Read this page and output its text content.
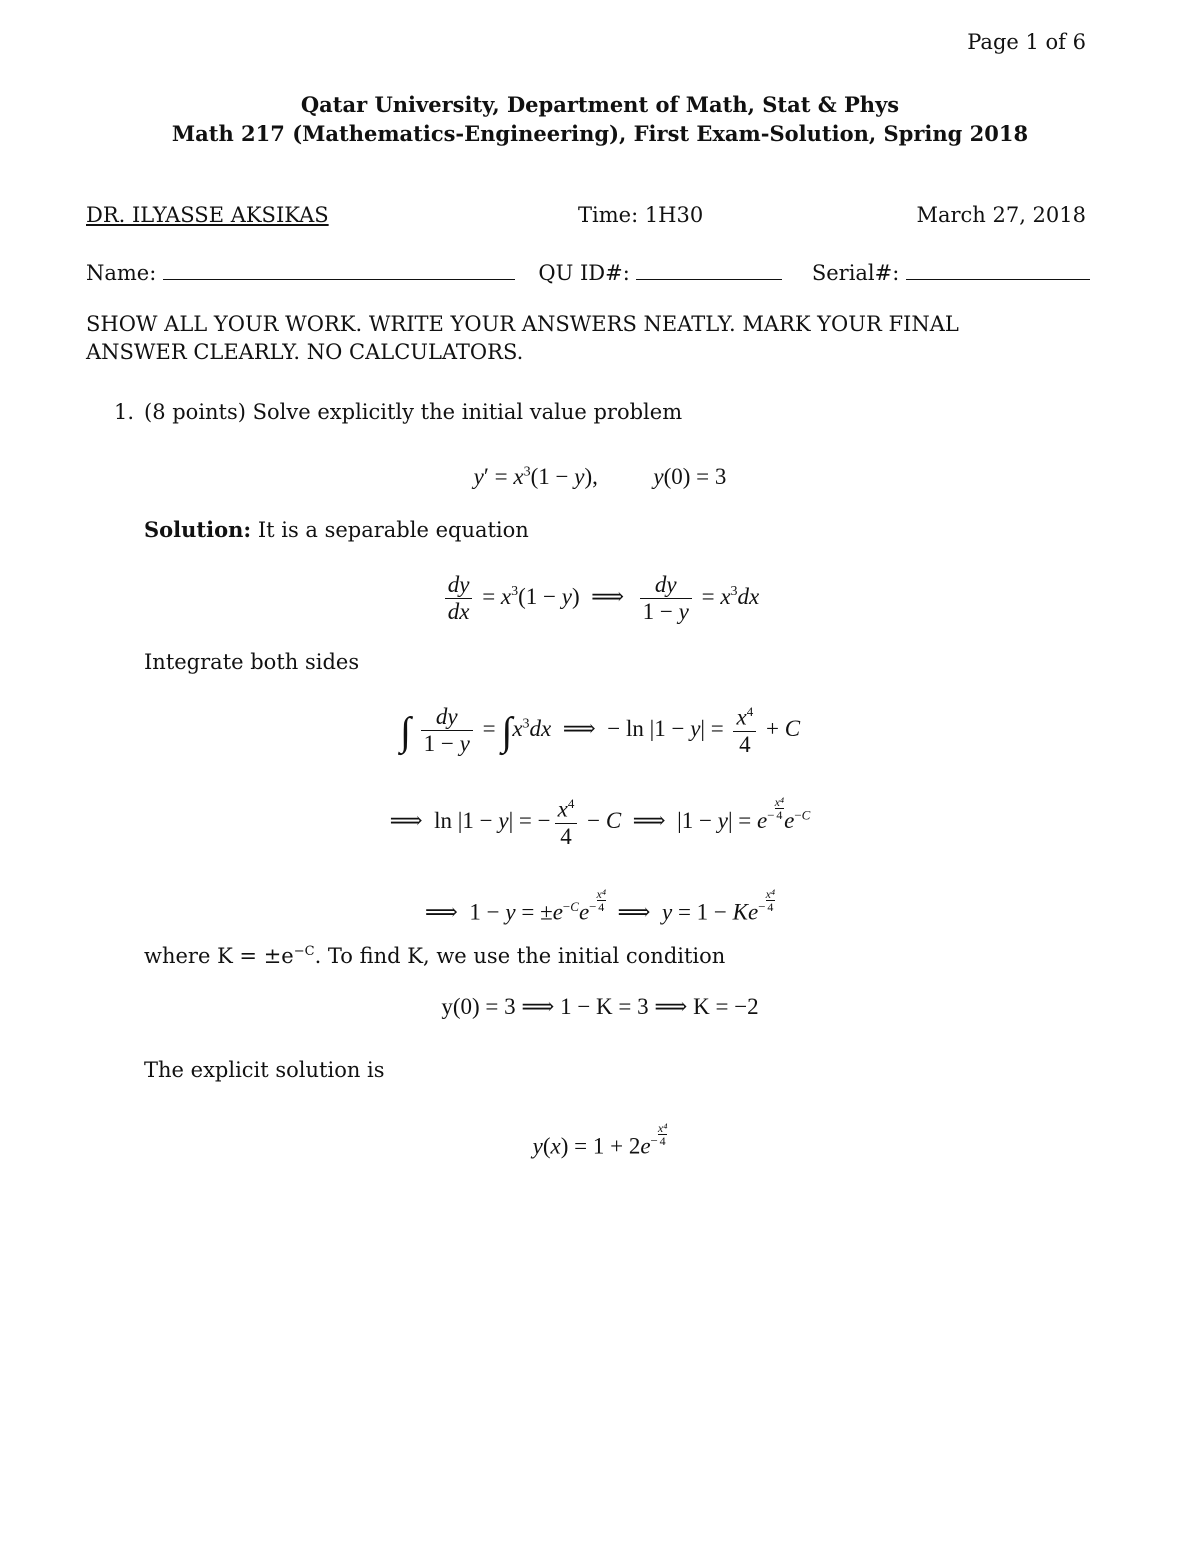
Page 1 of 6
Qatar University, Department of Math, Stat & Phys
Math 217 (Mathematics-Engineering), First Exam-Solution, Spring 2018
DR. ILYASSE AKSIKAS	Time: 1H30	March 27, 2018
Name:	QU ID#:	Serial#:
SHOW ALL YOUR WORK. WRITE YOUR ANSWERS NEATLY. MARK YOUR FINAL
ANSWER CLEARLY. NO CALCULATORS.
1. (8 points) Solve explicitly the initial value problem
$y' = x^3(1 - y)$,  y(0) = 3
Solution: It is a separable equation
$\frac{dy}{dx} = x^3(1 - y)$  ⟹ $\frac{dy}{1 - y} = x^3dx$
Integrate both sides
∫ $\frac{dy}{1 - y} = \int x^3dx$  ⟹  − $\ln |1 - y| = \frac{x^4}{4} + C$
⟹  ln |1 − y| = − $\frac{x^4}{4} - C$  ⟹  $|1 - y| = e^- \frac{\text{x⁴}}{4} e^{-C}$
⟹  $1 - y = \pm e^{-C}e^- \frac{\text{x⁴}}{4}$ ⟹  $y = 1 - Ke^- \frac{\text{x⁴}}{4}$
where $K = \pm e^{-C}$. To find K, we use the initial condition
y(0) = 3 ⟹ 1 − K = 3 ⟹ K = −2
The explicit solution is
$y(x) = 1 + 2e^- \frac{\text{x⁴}}{4}$
